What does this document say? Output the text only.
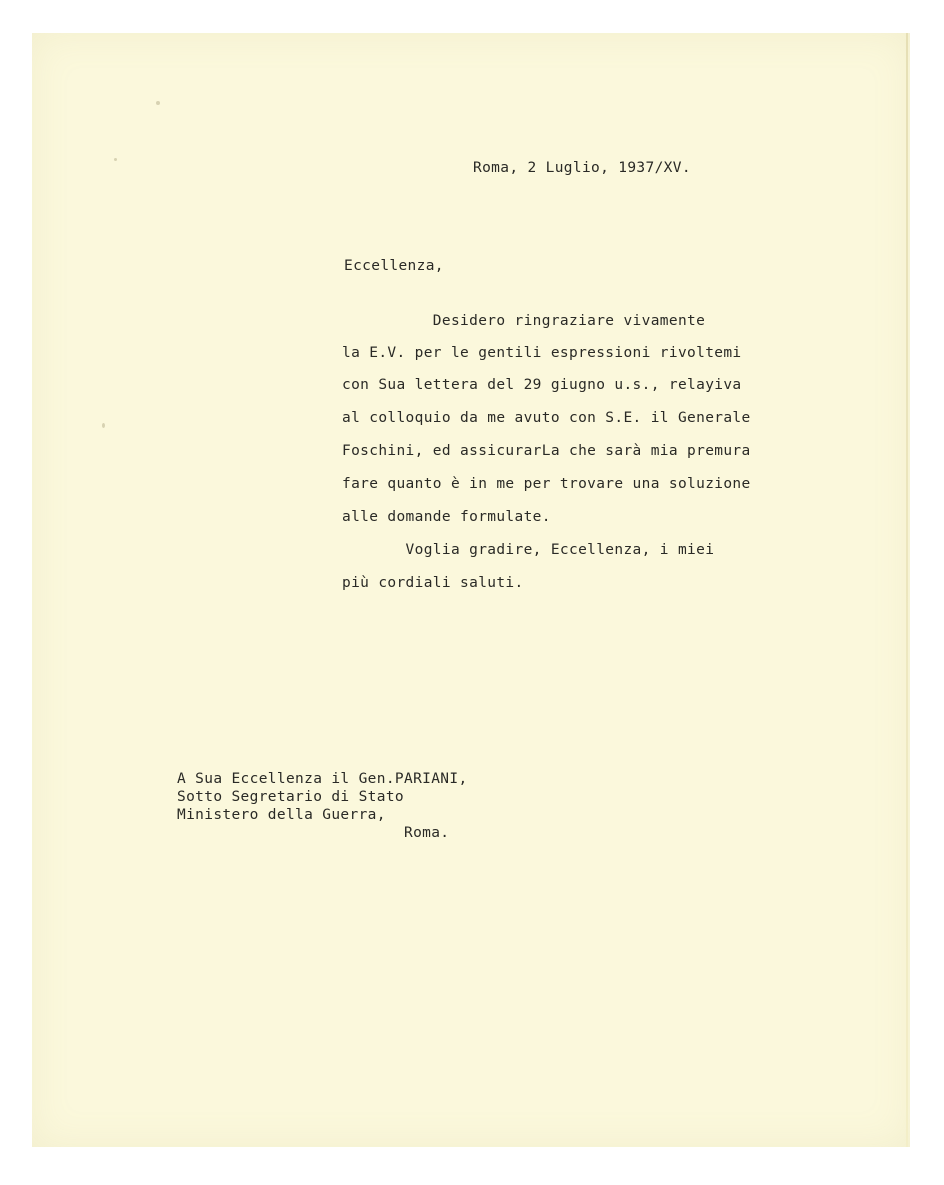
Roma, 2 Luglio, 1937/XV.
Eccellenza,
Desidero ringraziare vivamente
la E.V. per le gentili espressioni rivoltemi
con Sua lettera del 29 giugno u.s., relayiva
al colloquio da me avuto con S.E. il Generale
Foschini, ed assicurarLa che sarà mia premura
fare quanto è in me per trovare una soluzione
alle domande formulate.
Voglia gradire, Eccellenza, i miei
più cordiali saluti.
A Sua Eccellenza il Gen.PARIANI,
Sotto Segretario di Stato
Ministero della Guerra,
Roma.
